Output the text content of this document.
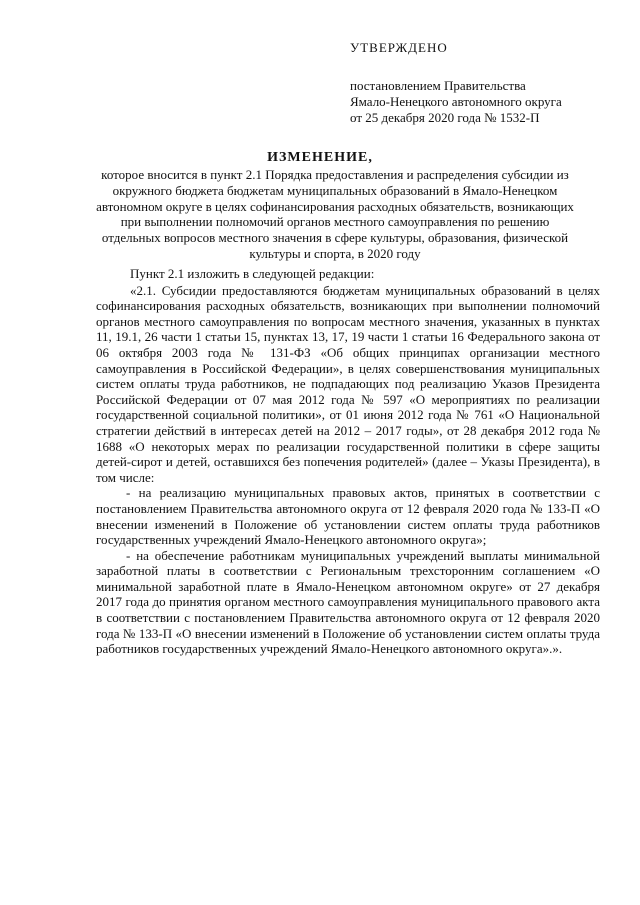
УТВЕРЖДЕНО
постановлением Правительства
Ямало-Ненецкого автономного округа
от 25 декабря 2020 года № 1532-П
ИЗМЕНЕНИЕ,
которое вносится в пункт 2.1 Порядка предоставления и распределения субсидии из окружного бюджета бюджетам муниципальных образований в Ямало-Ненецком автономном округе в целях софинансирования расходных обязательств, возникающих при выполнении полномочий органов местного самоуправления по решению отдельных вопросов местного значения в сфере культуры, образования, физической культуры и спорта, в 2020 году

Пункт 2.1 изложить в следующей редакции:

«2.1. Субсидии предоставляются бюджетам муниципальных образований в целях софинансирования расходных обязательств, возникающих при выполнении полномочий органов местного самоуправления по вопросам местного значения, указанных в пунктах 11, 19.1, 26 части 1 статьи 15, пунктах 13, 17, 19 части 1 статьи 16 Федерального закона от 06 октября 2003 года № 131-ФЗ «Об общих принципах организации местного самоуправления в Российской Федерации», в целях совершенствования муниципальных систем оплаты труда работников, не подпадающих под реализацию Указов Президента Российской Федерации от 07 мая 2012 года № 597 «О мероприятиях по реализации государственной социальной политики», от 01 июня 2012 года № 761 «О Национальной стратегии действий в интересах детей на 2012 – 2017 годы», от 28 декабря 2012 года № 1688 «О некоторых мерах по реализации государственной политики в сфере защиты детей-сирот и детей, оставшихся без попечения родителей» (далее – Указы Президента), в том числе:

- на реализацию муниципальных правовых актов, принятых в соответствии с постановлением Правительства автономного округа от 12 февраля 2020 года № 133-П «О внесении изменений в Положение об установлении систем оплаты труда работников государственных учреждений Ямало-Ненецкого автономного округа»;

- на обеспечение работникам муниципальных учреждений выплаты минимальной заработной платы в соответствии с Региональным трехсторонним соглашением «О минимальной заработной плате в Ямало-Ненецком автономном округе» от 27 декабря 2017 года до принятия органом местного самоуправления муниципального правового акта в соответствии с постановлением Правительства автономного округа от 12 февраля 2020 года № 133-П «О внесении изменений в Положение об установлении систем оплаты труда работников государственных учреждений Ямало-Ненецкого автономного округа».».
